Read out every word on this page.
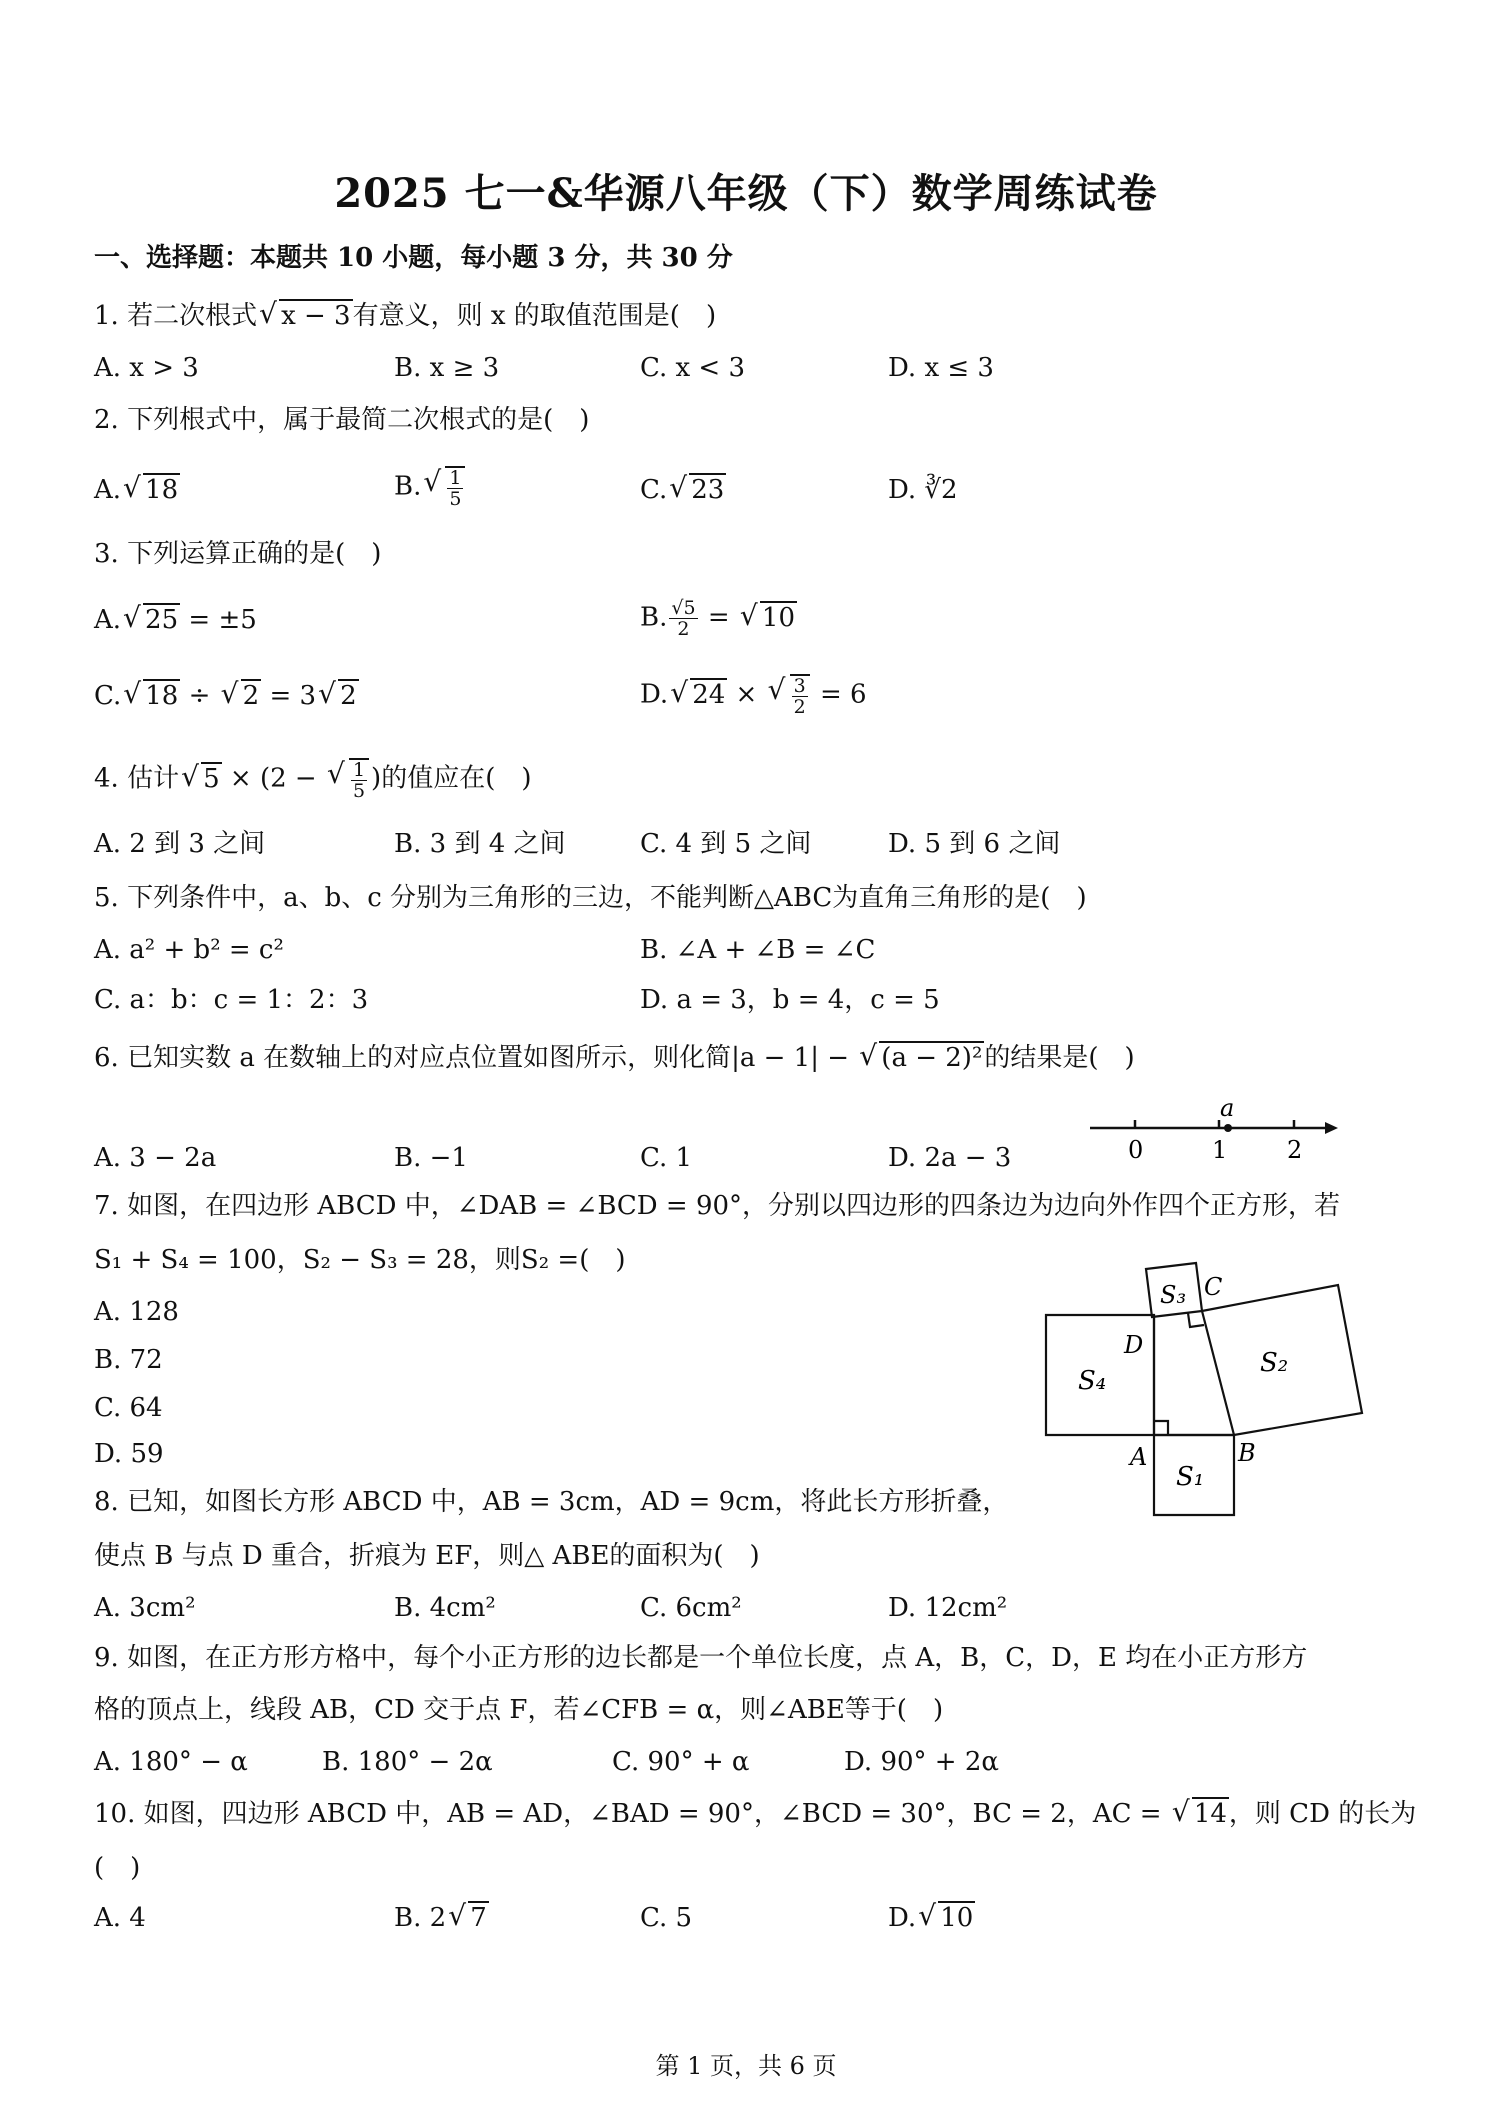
2025 七一&华源八年级（下）数学周练试卷
一、选择题：本题共 10 小题，每小题 3 分，共 30 分
1. 若二次根式 √ x − 3有意义，则 x 的取值范围是(　)
A. x > 3	B. x ≥ 3	C. x < 3	D. x ≤ 3
2. 下列根式中，属于最简二次根式的是(　)
A. √ 18	B. √ $\frac{1}{5}$	C. √ 23	D. ∛2
3. 下列运算正确的是(　)
A. √ 25 = ±5	B. $\frac{√5}{2}$ = √ 10
C. √ 18 ÷ √ 2 = 3 √ 2	D. √ 24 × √ $\frac{3}{2} = 6$
4. 估计 √ 5 × (2 − √ $\frac{1}{5}$ )的值应在(　)
A. 2 到 3 之间	B. 3 到 4 之间	C. 4 到 5 之间	D. 5 到 6 之间
5. 下列条件中，a、b、c 分别为三角形的三边，不能判断△ABC为直角三角形的是(　)
A. a² + b² = c²	B. ∠A + ∠B = ∠C
C. a：b：c = 1：2：3	D. a = 3，b = 4，c = 5
6. 已知实数 a 在数轴上的对应点位置如图所示，则化简|a − 1| − √ (a − 2)²的结果是(　)
A. 3 − 2a	B. −1	C. 1	D. 2a − 3
a
0	1 2
7. 如图，在四边形 ABCD 中，∠DAB = ∠BCD = 90°，分别以四边形的四条边为边向外作四个正方形，若
S₁ + S₄ = 100，S₂ − S₃ = 28，则S₂ =(　)
A. 128
B. 72
C. 64
D. 59
D
A	B
C
S₄
S₁
S₃
S₂
8. 已知，如图长方形 ABCD 中，AB = 3cm，AD = 9cm，将此长方形折叠，
使点 B 与点 D 重合，折痕为 EF，则△ ABE的面积为(　)
A. 3cm²	B. 4cm²	C. 6cm²	D. 12cm²
9. 如图，在正方形方格中，每个小正方形的边长都是一个单位长度，点 A，B，C，D，E 均在小正方形方
格的顶点上，线段 AB，CD 交于点 F，若∠CFB = α，则∠ABE等于(　)
A. 180° − α	B. 180° − 2α	C. 90° + α	D. 90° + 2α
10. 如图，四边形 ABCD 中，AB = AD，∠BAD = 90°，∠BCD = 30°，BC = 2，AC = √ 14，则 CD 的长为
(　)
A. 4	B. 2 √ 7	C. 5	D. √ 10
第 1 页，共 6 页
